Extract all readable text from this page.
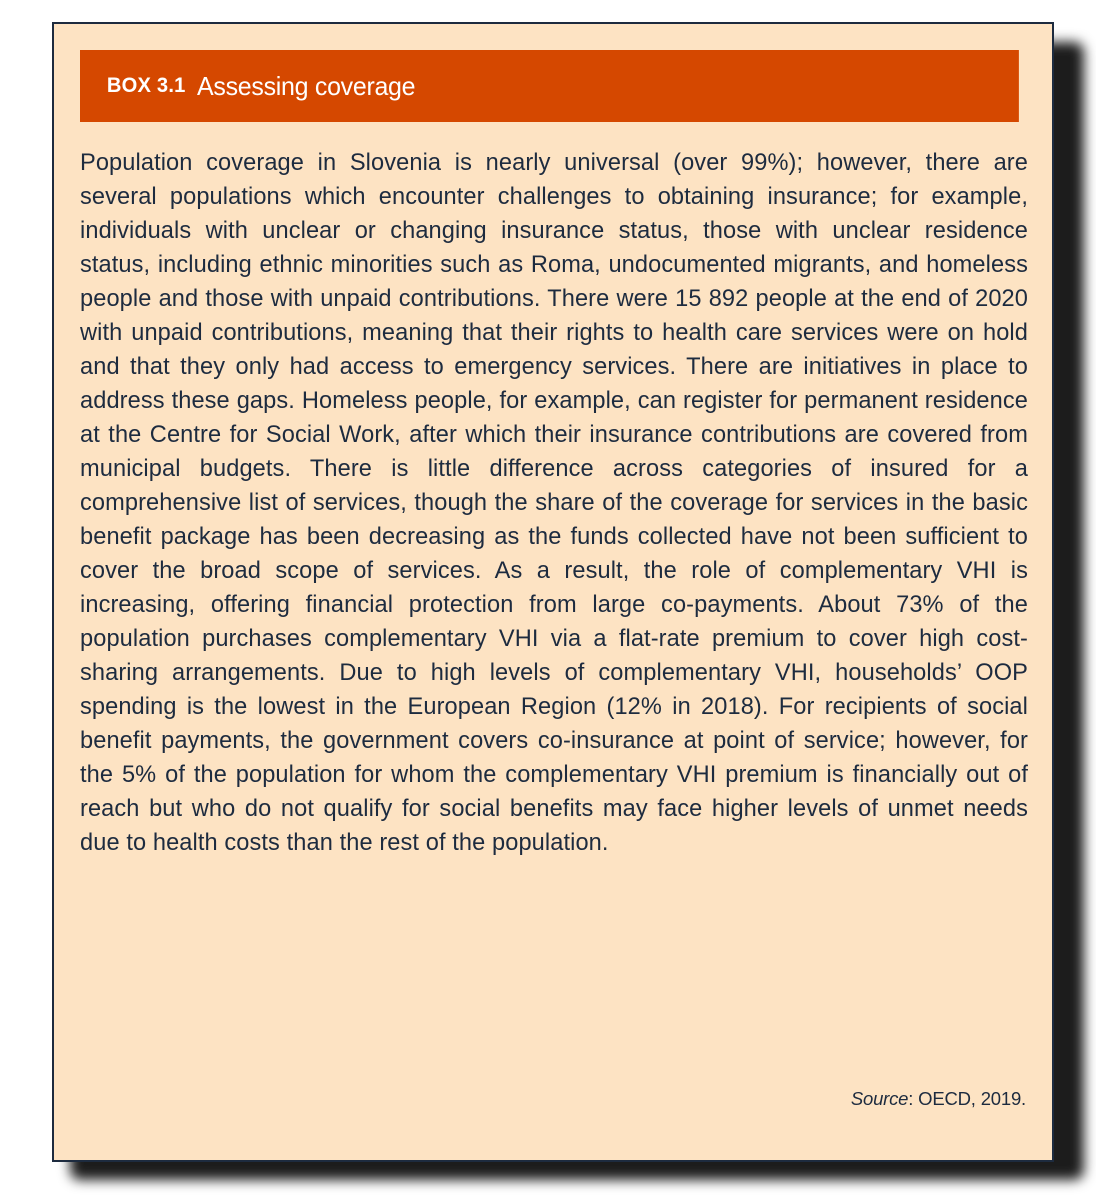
BOX 3.1 Assessing coverage

Population coverage in Slovenia is nearly universal (over 99%); however, there are several populations which encounter challenges to obtaining insurance; for example, individuals with unclear or changing insurance status, those with unclear residence status, including ethnic minorities such as Roma, undocumented migrants, and homeless people and those with unpaid contributions. There were 15 892 people at the end of 2020 with unpaid contributions, meaning that their rights to health care services were on hold and that they only had access to emergency services. There are initiatives in place to address these gaps. Homeless people, for example, can register for permanent residence at the Centre for Social Work, after which their insurance contributions are covered from municipal budgets. There is little difference across categories of insured for a comprehensive list of services, though the share of the coverage for services in the basic benefit package has been decreasing as the funds collected have not been sufficient to cover the broad scope of services. As a result, the role of complementary VHI is increasing, offering financial protection from large co-payments. About 73% of the population purchases complementary VHI via a flat-rate premium to cover high cost-sharing arrangements. Due to high levels of complementary VHI, households’ OOP spending is the lowest in the European Region (12% in 2018). For recipients of social benefit payments, the government covers co-insurance at point of service; however, for the 5% of the population for whom the complementary VHI premium is financially out of reach but who do not qualify for social benefits may face higher levels of unmet needs due to health costs than the rest of the population.

Source: OECD, 2019.
